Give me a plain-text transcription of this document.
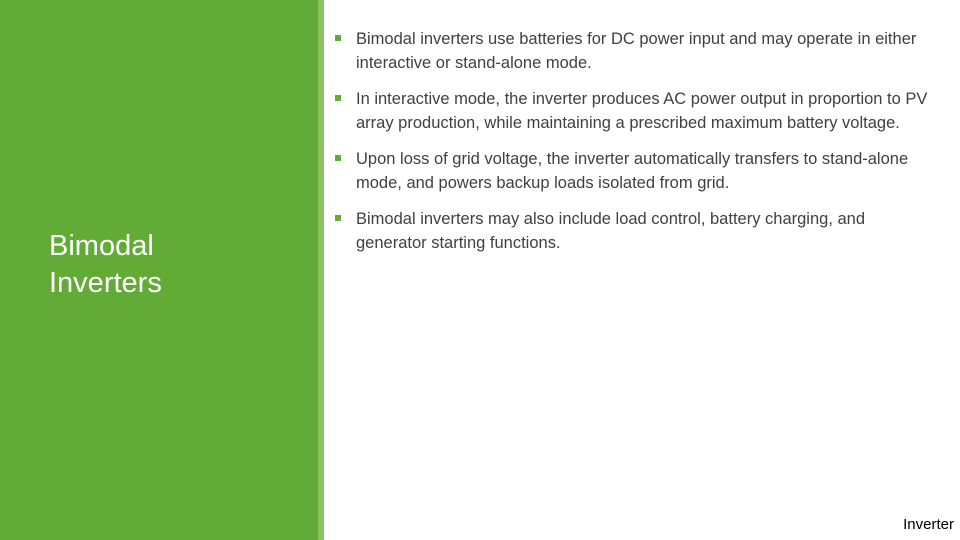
Bimodal
Inverters
Bimodal inverters use batteries for DC power input and may operate in either interactive or stand-alone mode.
In interactive mode, the inverter produces AC power output in proportion to PV array production, while maintaining a prescribed maximum battery voltage.
Upon loss of grid voltage, the inverter automatically transfers to stand-alone mode, and powers backup loads isolated from grid.
Bimodal inverters may also include load control, battery charging, and generator starting functions.
Inverter
